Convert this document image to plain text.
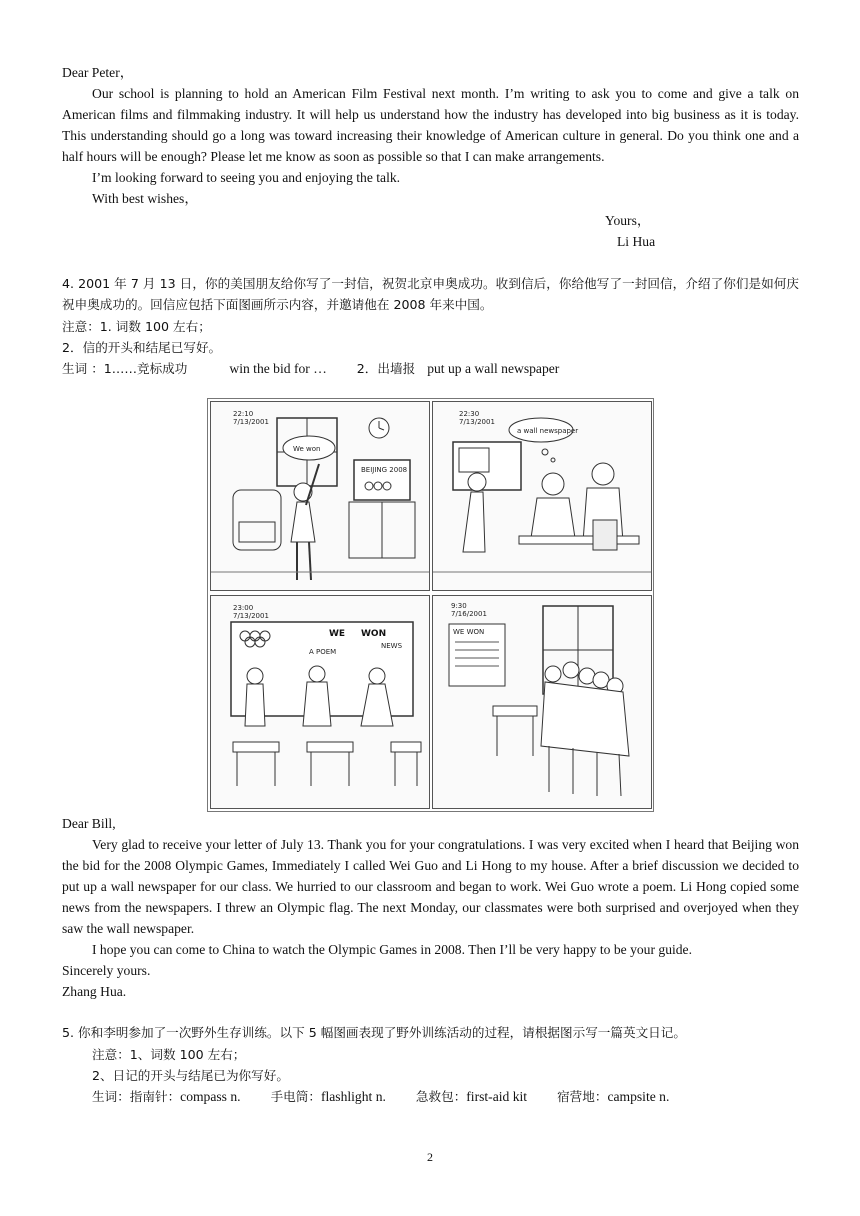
Dear Peter，
Our school is planning to hold an American Film Festival next month. I’m writing to ask you to come and give a talk on American films and filmmaking industry. It will help us understand how the industry has developed into big business as it is today. This understanding should go a long was toward increasing their knowledge of American culture in general. Do you think one and a half hours will be enough? Please let me know as soon as possible so that I can make arrangements.
I’m looking forward to seeing you and enjoying the talk.
With best wishes，
Yours，
Li Hua
4. 2001 年 7 月 13 日，你的美国朋友给你写了一封信，祝贺北京申奥成功。收到信后，你给他写了一封回信，介绍了你们是如何庆祝申奥成功的。回信应包括下面图画所示内容，并邀请他在 2008 年来中国。
注意：1. 词数 100 左右；
2．信的开头和结尾已写好。
生词 ：1……竞标成功	win the bid for … 2．出墙报 put up a wall newspaper
22:10
7/13/2001
We won
BEIJING 2008
22:30
7/13/2001
a wall newspaper
23:00
7/13/2001
WE WON
A POEM
NEWS
9:30
7/16/2001
WE WON
Dear Bill,
Very glad to receive your letter of July 13. Thank you for your congratulations. I was very excited when I heard that Beijing won the bid for the 2008 Olympic Games, Immediately I called Wei Guo and Li Hong to my house. After a brief discussion we decided to put up a wall newspaper for our class. We hurried to our classroom and began to work. Wei Guo wrote a poem. Li Hong copied some news from the newspapers. I threw an Olympic flag. The next Monday, our classmates were both surprised and overjoyed when they saw the wall newspaper.
I hope you can come to China to watch the Olympic Games in 2008. Then I’ll be very happy to be your guide.
Sincerely yours.
Zhang Hua.
5. 你和李明参加了一次野外生存训练。以下 5 幅图画表现了野外训练活动的过程，请根据图示写一篇英文日记。
注意：1、词数 100 左右；
2、日记的开头与结尾已为你写好。
生词：指南针：compass n. 手电筒：flashlight n. 急救包：first-aid kit 宿营地：campsite n.
2
